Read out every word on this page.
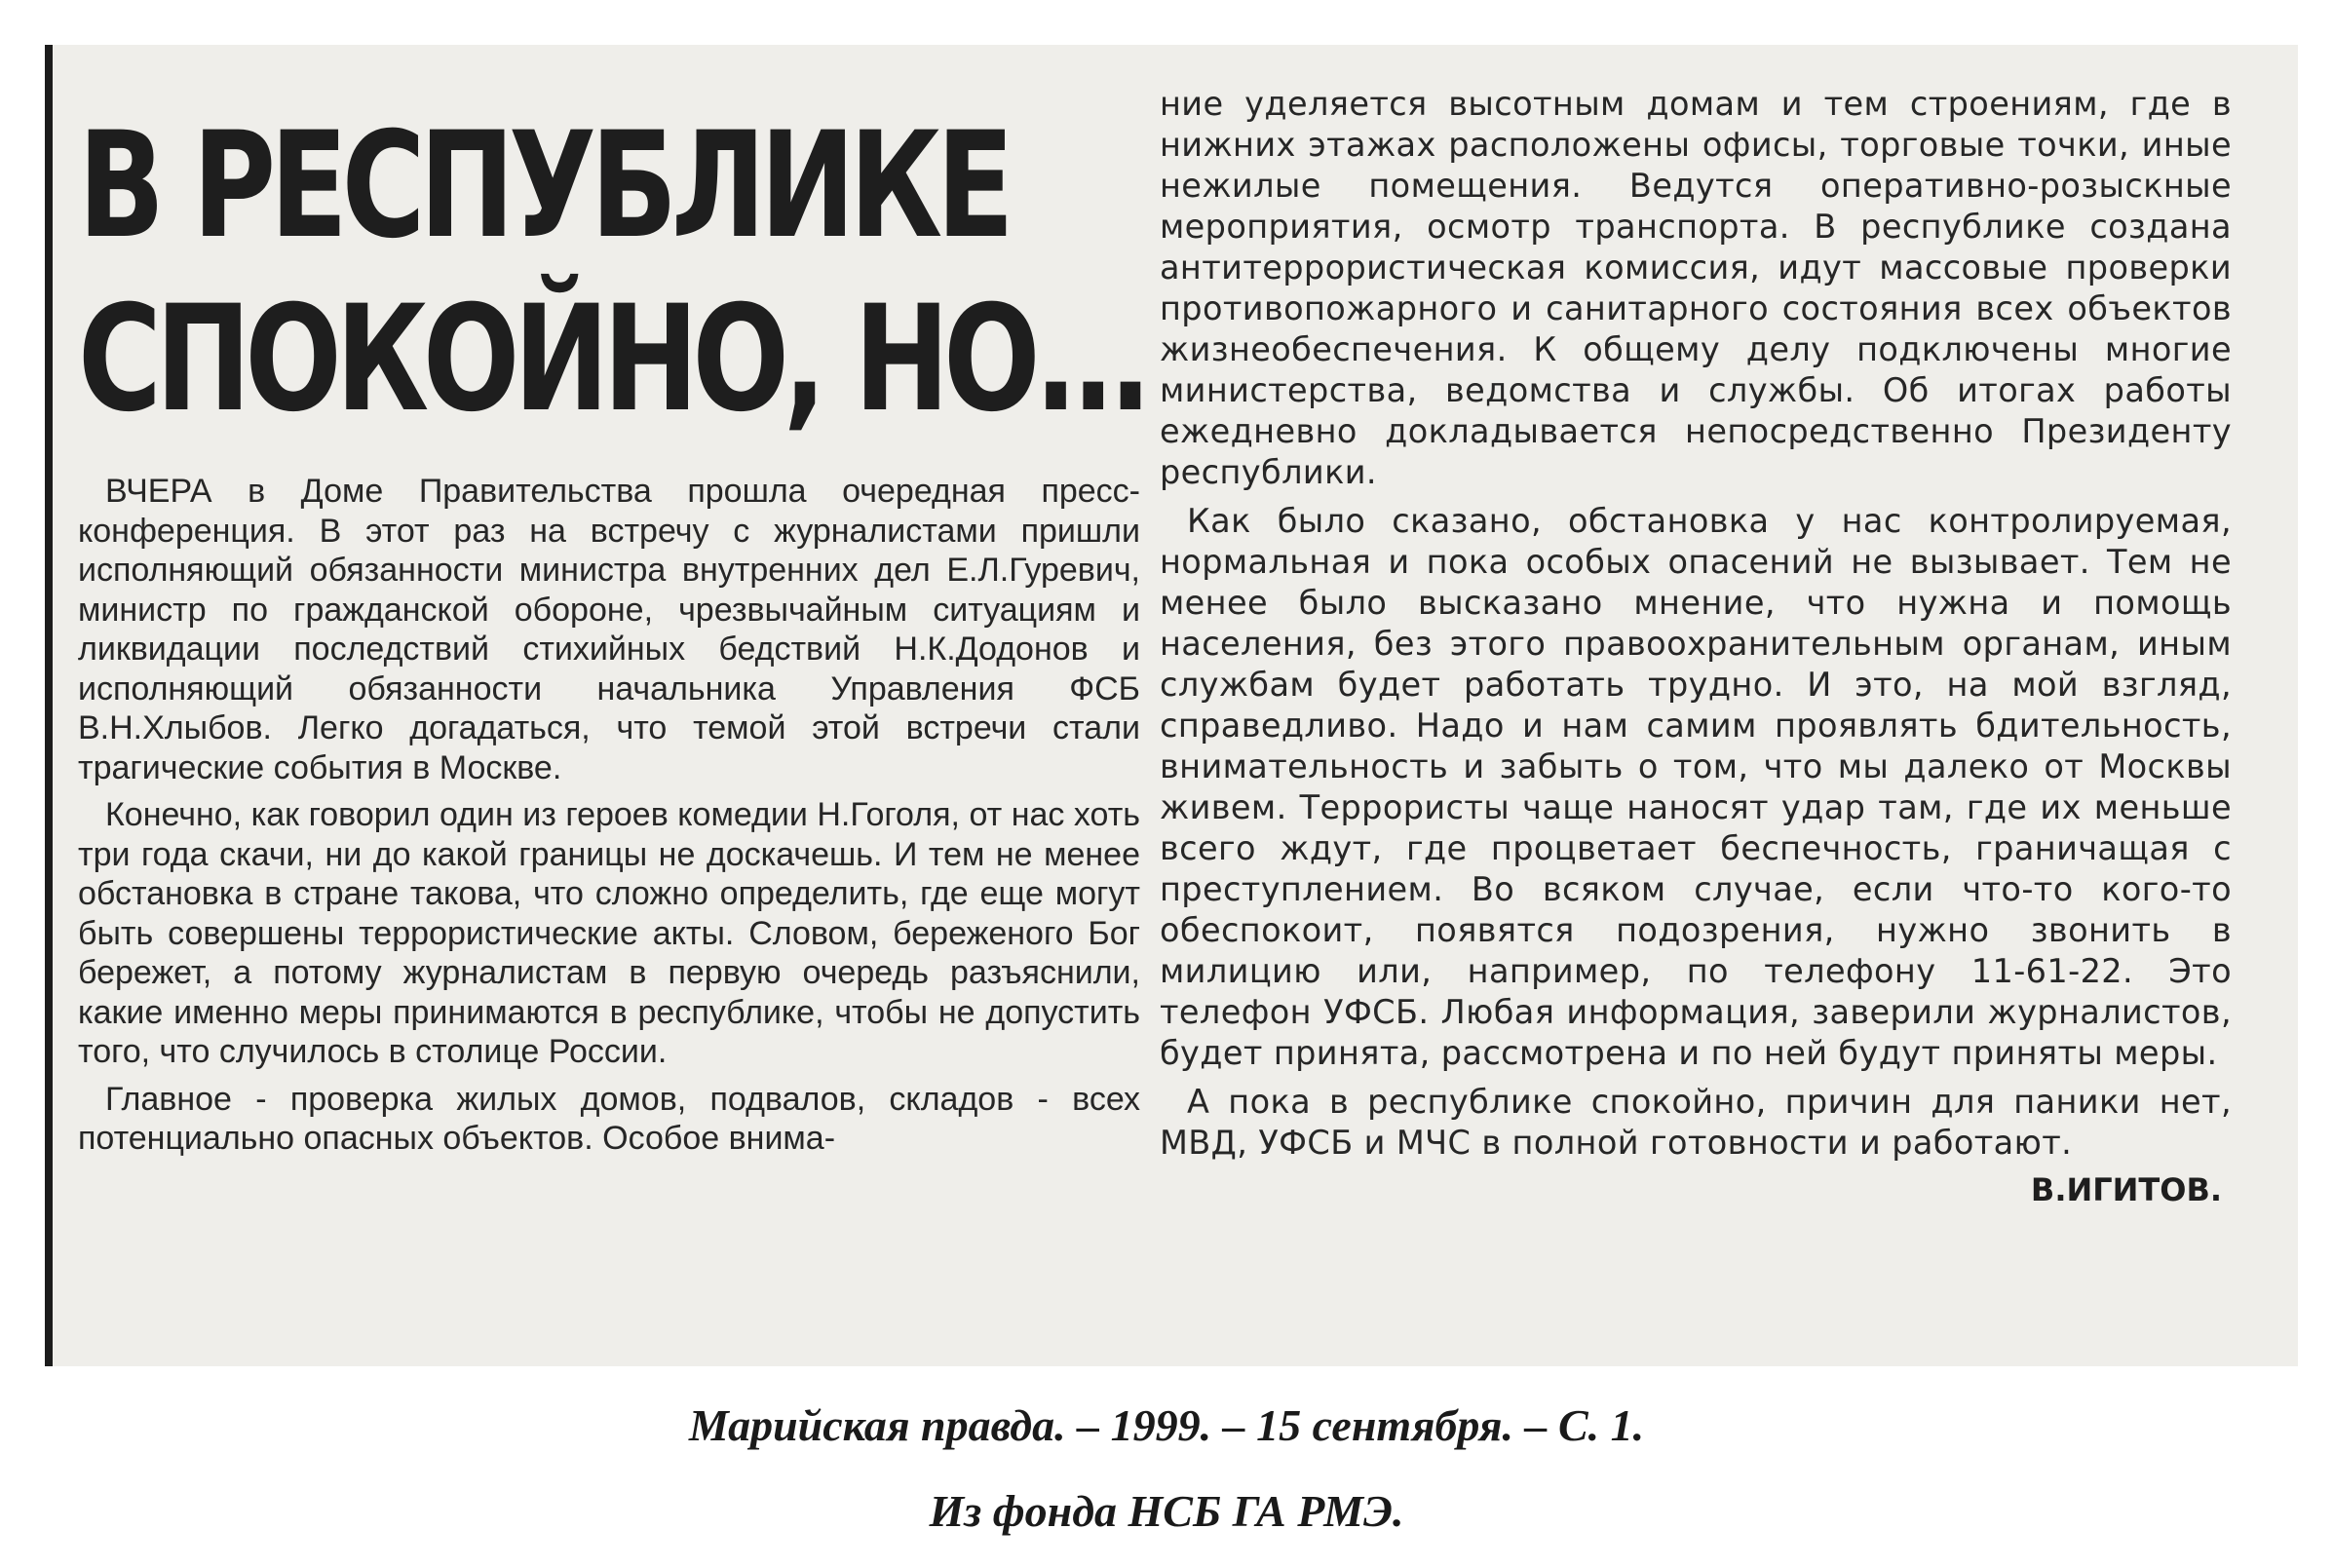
В РЕСПУБЛИКЕ
СПОКОЙНО, НО...

ВЧЕРА в Доме Правительства прошла очередная пресс-конференция. В этот раз на встречу с журналистами пришли исполняющий обязанности министра внутренних дел Е.Л.Гуревич, министр по гражданской обороне, чрезвычайным ситуациям и ликвидации последствий стихийных бедствий Н.К.Додонов и исполняющий обязанности начальника Управления ФСБ В.Н.Хлыбов. Легко догадаться, что темой этой встречи стали трагические события в Москве.

Конечно, как говорил один из героев комедии Н.Гоголя, от нас хоть три года скачи, ни до какой границы не доскачешь. И тем не менее обстановка в стране такова, что сложно определить, где еще могут быть совершены террористические акты. Словом, береженого Бог бережет, а потому журналистам в первую очередь разъяснили, какие именно меры принимаются в республике, чтобы не допустить того, что случилось в столице России.

Главное - проверка жилых домов, подвалов, складов - всех потенциально опасных объектов. Особое внима-

ние уделяется высотным домам и тем строениям, где в нижних этажах расположены офисы, торговые точки, иные нежилые помещения. Ведутся оперативно-розыскные мероприятия, осмотр транспорта. В республике создана антитеррористическая комиссия, идут массовые проверки противопожарного и санитарного состояния всех объектов жизнеобеспечения. К общему делу подключены многие министерства, ведомства и службы. Об итогах работы ежедневно докладывается непосредственно Президенту республики.

Как было сказано, обстановка у нас контролируемая, нормальная и пока особых опасений не вызывает. Тем не менее было высказано мнение, что нужна и помощь населения, без этого правоохранительным органам, иным службам будет работать трудно. И это, на мой взгляд, справедливо. Надо и нам самим проявлять бдительность, внимательность и забыть о том, что мы далеко от Москвы живем. Террористы чаще наносят удар там, где их меньше всего ждут, где процветает беспечность, граничащая с преступлением. Во всяком случае, если что-то кого-то обеспокоит, появятся подозрения, нужно звонить в милицию или, например, по телефону 11-61-22. Это телефон УФСБ. Любая информация, заверили журналистов, будет принята, рассмотрена и по ней будут приняты меры.

А пока в республике спокойно, причин для паники нет, МВД, УФСБ и МЧС в полной готовности и работают.

В.ИГИТОВ.
Марийская правда. – 1999. – 15 сентября. – С. 1.
Из фонда НСБ ГА РМЭ.
